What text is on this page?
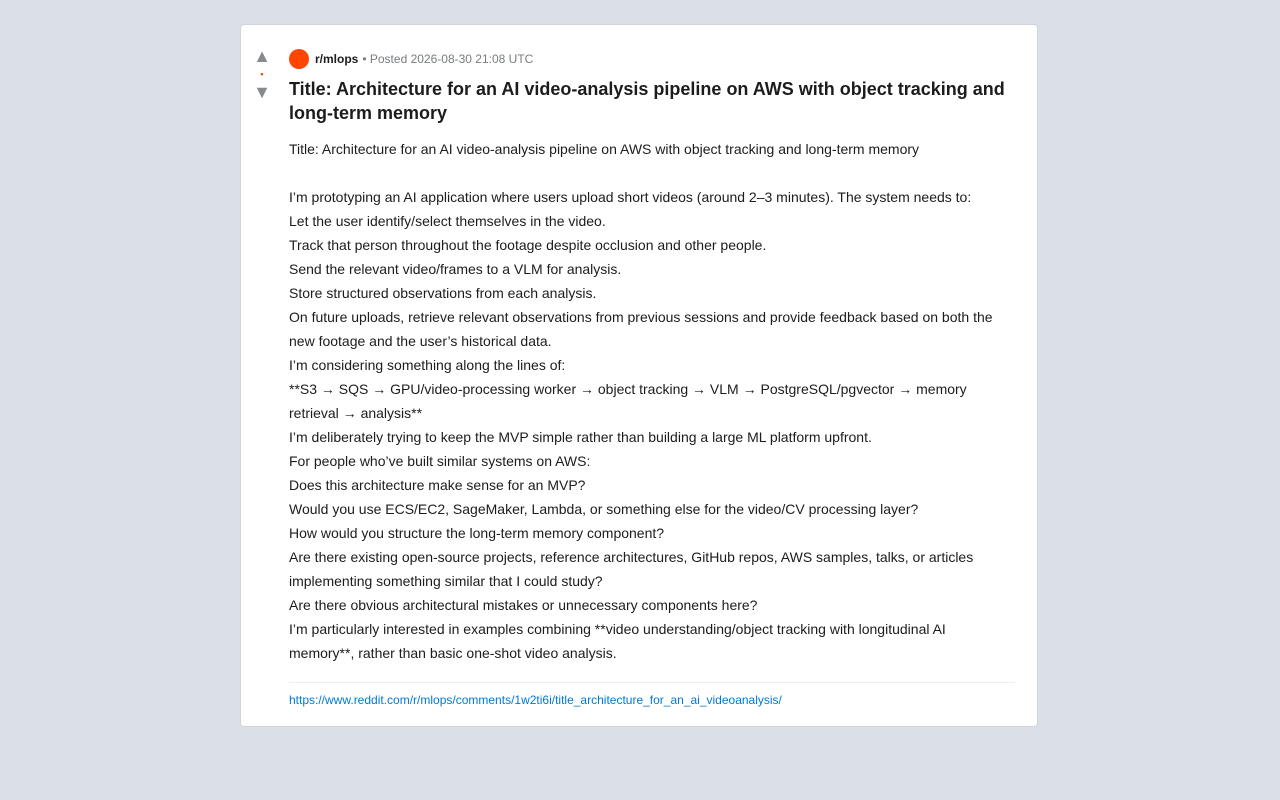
▲
•
▼
r/mlops • Posted 2026-08-30 21:08 UTC
Title: Architecture for an AI video-analysis pipeline on AWS with object tracking and long-term memory

Title: Architecture for an AI video-analysis pipeline on AWS with object tracking and long-term memory

I’m prototyping an AI application where users upload short videos (around 2–3 minutes). The system needs to:

Let the user identify/select themselves in the video.

Track that person throughout the footage despite occlusion and other people.

Send the relevant video/frames to a VLM for analysis.

Store structured observations from each analysis.

On future uploads, retrieve relevant observations from previous sessions and provide feedback based on both the new footage and the user’s historical data.

I’m considering something along the lines of:

**S3 → SQS → GPU/video-processing worker → object tracking → VLM → PostgreSQL/pgvector → memory retrieval → analysis**

I’m deliberately trying to keep the MVP simple rather than building a large ML platform upfront.

For people who’ve built similar systems on AWS:

Does this architecture make sense for an MVP?

Would you use ECS/EC2, SageMaker, Lambda, or something else for the video/CV processing layer?

How would you structure the long-term memory component?

Are there existing open-source projects, reference architectures, GitHub repos, AWS samples, talks, or articles implementing something similar that I could study?

Are there obvious architectural mistakes or unnecessary components here?

I’m particularly interested in examples combining **video understanding/object tracking with longitudinal AI memory**, rather than basic one-shot video analysis.

https://www.reddit.com/r/mlops/comments/1w2ti6i/title_architecture_for_an_ai_videoanalysis/
